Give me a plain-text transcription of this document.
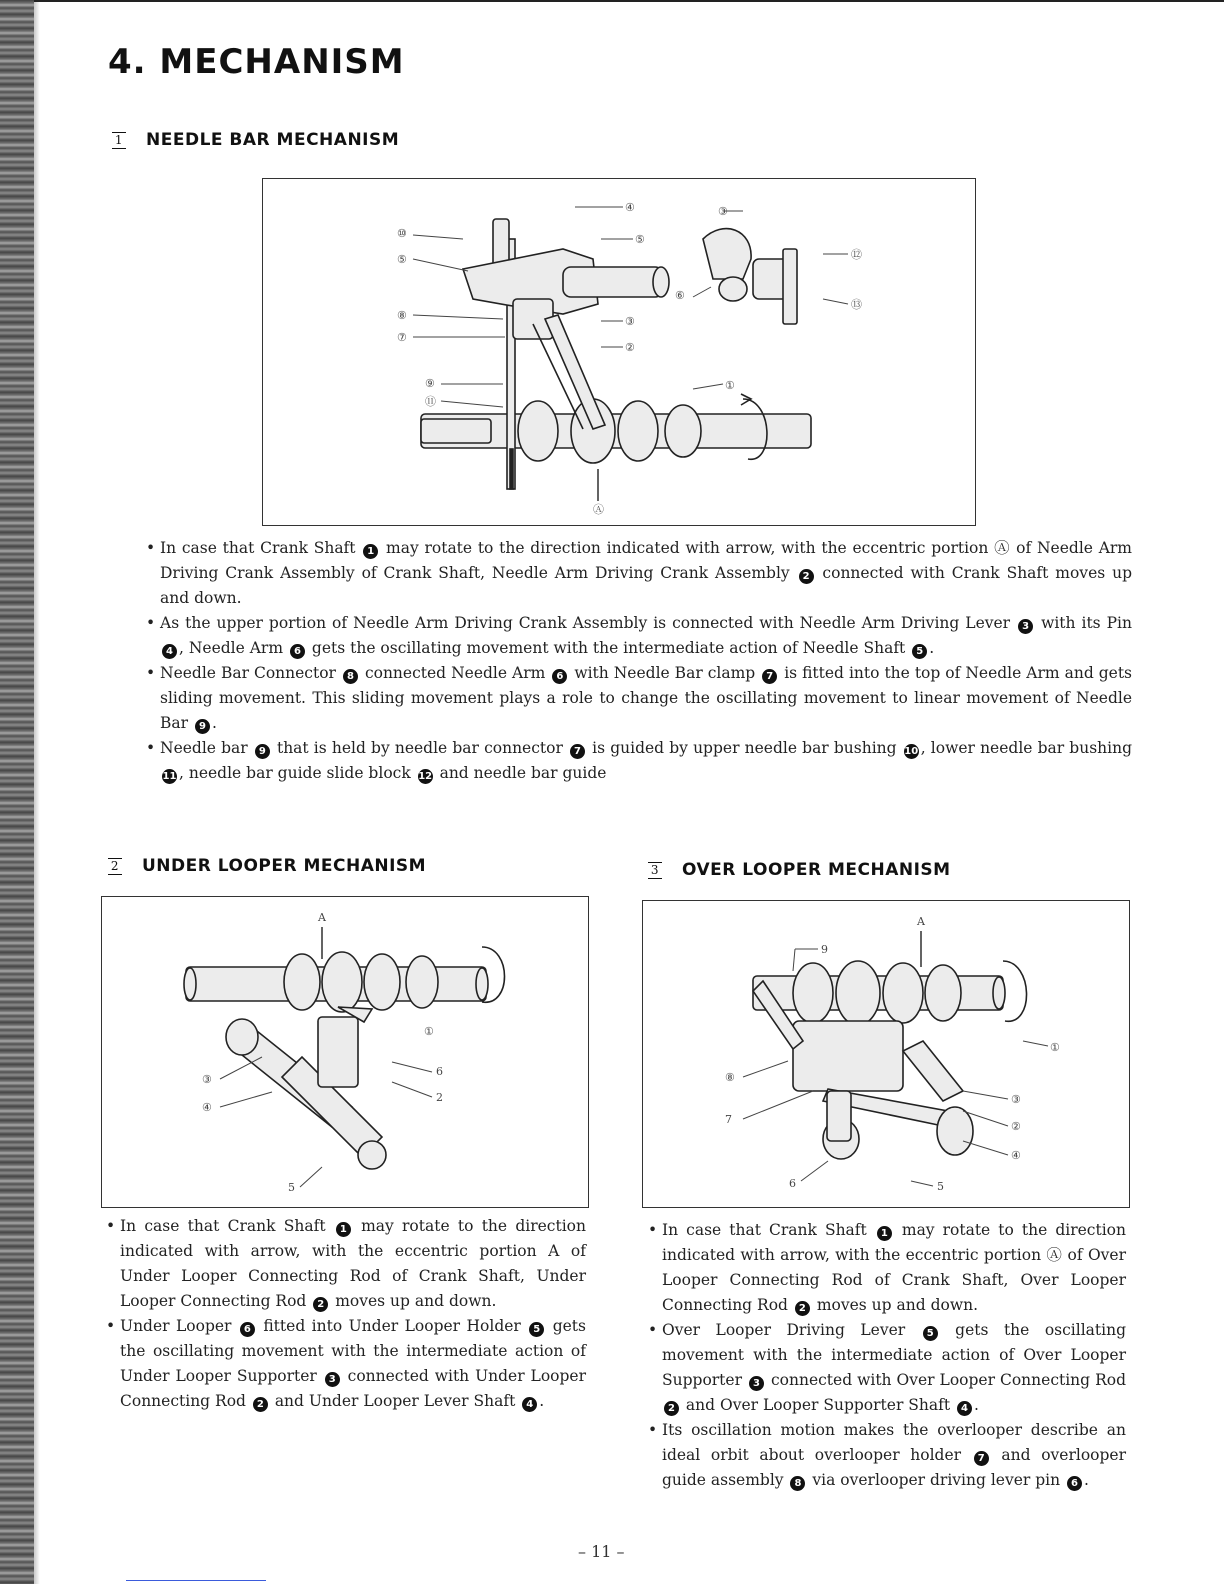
4. MECHANISM
1 NEEDLE BAR MECHANISM
④	③
⑩
⑤
⑧
⑦
⑨
⑪
⑤
③
②
①
⑥
⑫
⑬
Ⓐ
• In case that Crank Shaft 1 may rotate to the direction indicated with arrow, with the eccentric portion Ⓐ of Needle Arm Driving Crank Assembly of Crank Shaft, Needle Arm Driving Crank Assembly 2 connected with Crank Shaft moves up and down.
• As the upper portion of Needle Arm Driving Crank Assembly is connected with Needle Arm Driving Lever 3 with its Pin 4 , Needle Arm 6 gets the oscillating movement with the intermediate action of Needle Shaft 5 .
• Needle Bar Connector 8 connected Needle Arm 6 with Needle Bar clamp 7 is fitted into the top of Needle Arm and gets sliding movement. This sliding movement plays a role to change the oscillating movement to linear movement of Needle Bar 9 .
• Needle bar 9 that is held by needle bar connector 7 is guided by upper needle bar bushing 10 , lower needle bar bushing 11 , needle bar guide slide block 12 and needle bar guide
2 UNDER LOOPER MECHANISM
A
①
③
④
6
2
5
• In case that Crank Shaft 1 may rotate to the direction indicated with arrow, with the eccentric portion A of Under Looper Connecting Rod of Crank Shaft, Under Looper Connecting Rod 2 moves up and down.
• Under Looper 6 fitted into Under Looper Holder 5 gets the oscillating movement with the intermediate action of Under Looper Supporter 3 connected with Under Looper Connecting Rod 2 and Under Looper Lever Shaft 4 .
3 OVER LOOPER MECHANISM
A
9
①
⑧
7
③
②
④
6	5
• In case that Crank Shaft 1 may rotate to the direction indicated with arrow, with the eccentric portion Ⓐ of Over Looper Connecting Rod of Crank Shaft, Over Looper Connecting Rod 2 moves up and down.
• Over Looper Driving Lever 5 gets the oscillating movement with the intermediate action of Over Looper Supporter 3 connected with Over Looper Connecting Rod 2 and Over Looper Supporter Shaft 4 .
• Its oscillation motion makes the overlooper describe an ideal orbit about overlooper holder 7 and overlooper guide assembly 8 via overlooper driving lever pin 6 .
– 11 –
